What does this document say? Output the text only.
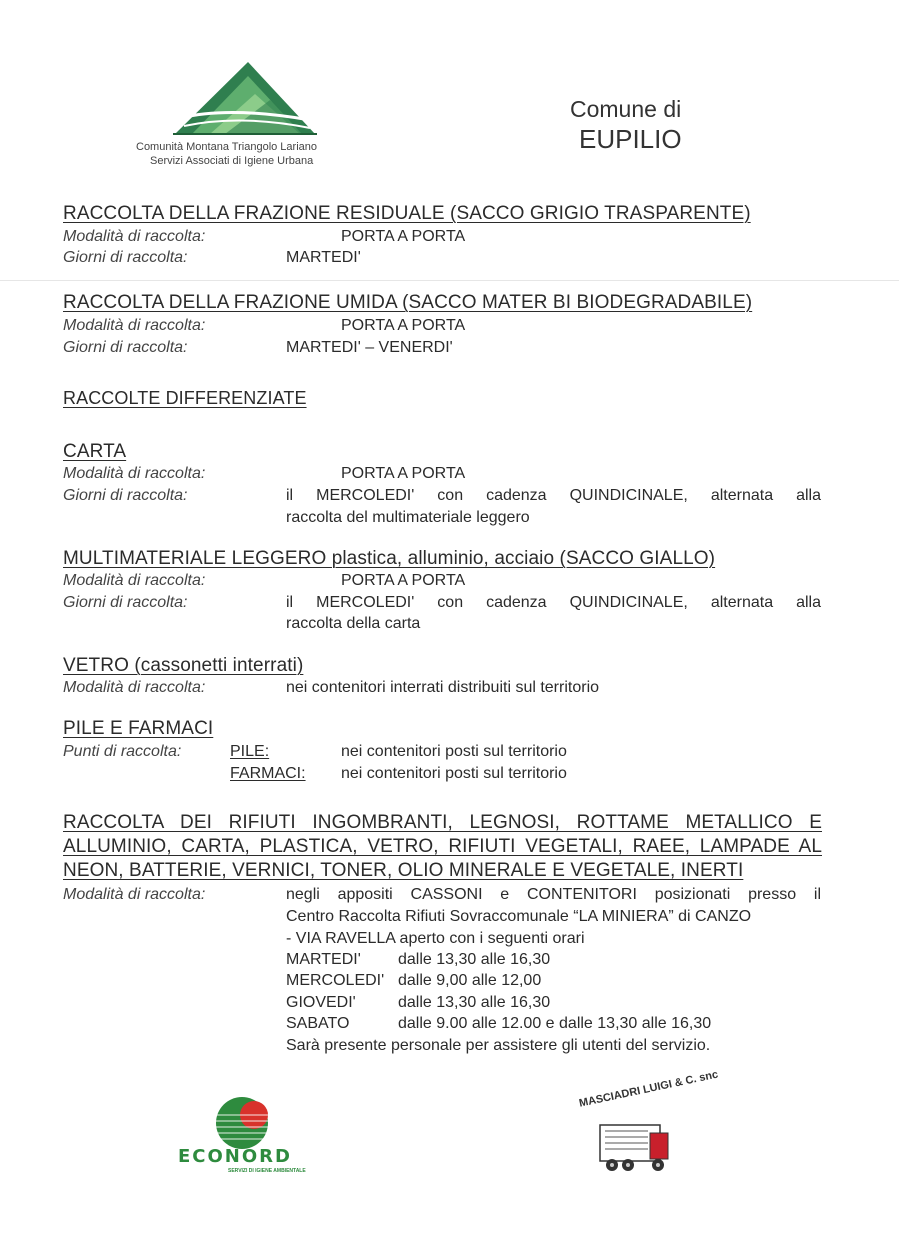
Comunità Montana Triangolo Lariano
Servizi Associati di Igiene Urbana
Comune di
EUPILIO
RACCOLTA DELLA FRAZIONE RESIDUALE (SACCO GRIGIO TRASPARENTE)
Modalità di raccolta:	PORTA A PORTA
Giorni di raccolta:	MARTEDI'
RACCOLTA DELLA FRAZIONE UMIDA (SACCO MATER BI BIODEGRADABILE)
Modalità di raccolta:	PORTA A PORTA
Giorni di raccolta:	MARTEDI' – VENERDI'
RACCOLTE DIFFERENZIATE
CARTA
Modalità di raccolta:	PORTA A PORTA
Giorni di raccolta:	il MERCOLEDI' con cadenza QUINDICINALE, alternata alla
raccolta del multimateriale leggero
MULTIMATERIALE LEGGERO plastica, alluminio, acciaio (SACCO GIALLO)
Modalità di raccolta:	PORTA A PORTA
Giorni di raccolta:	il MERCOLEDI' con cadenza QUINDICINALE, alternata alla
raccolta della carta
VETRO (cassonetti interrati)
Modalità di raccolta:	nei contenitori interrati distribuiti sul territorio
PILE E FARMACI
Punti di raccolta:	PILE:	nei contenitori posti sul territorio
FARMACI: nei contenitori posti sul territorio
RACCOLTA DEI RIFIUTI INGOMBRANTI, LEGNOSI, ROTTAME METALLICO E
ALLUMINIO, CARTA, PLASTICA, VETRO, RIFIUTI VEGETALI, RAEE, LAMPADE AL
NEON, BATTERIE, VERNICI, TONER, OLIO MINERALE E VEGETALE, INERTI
Modalità di raccolta:	negli appositi CASSONI e CONTENITORI posizionati presso il
Centro Raccolta Rifiuti Sovraccomunale “LA MINIERA” di CANZO
- VIA RAVELLA aperto con i seguenti orari
MARTEDI' dalle 13,30 alle 16,30
MERCOLEDI' dalle 9,00 alle 12,00
GIOVEDI'	dalle 13,30 alle 16,30
SABATO	dalle 9.00 alle 12.00 e dalle 13,30 alle 16,30
Sarà presente personale per assistere gli utenti del servizio.
ECONORD
SERVIZI DI IGIENE AMBIENTALE
MASCIADRI LUIGI & C. snc
